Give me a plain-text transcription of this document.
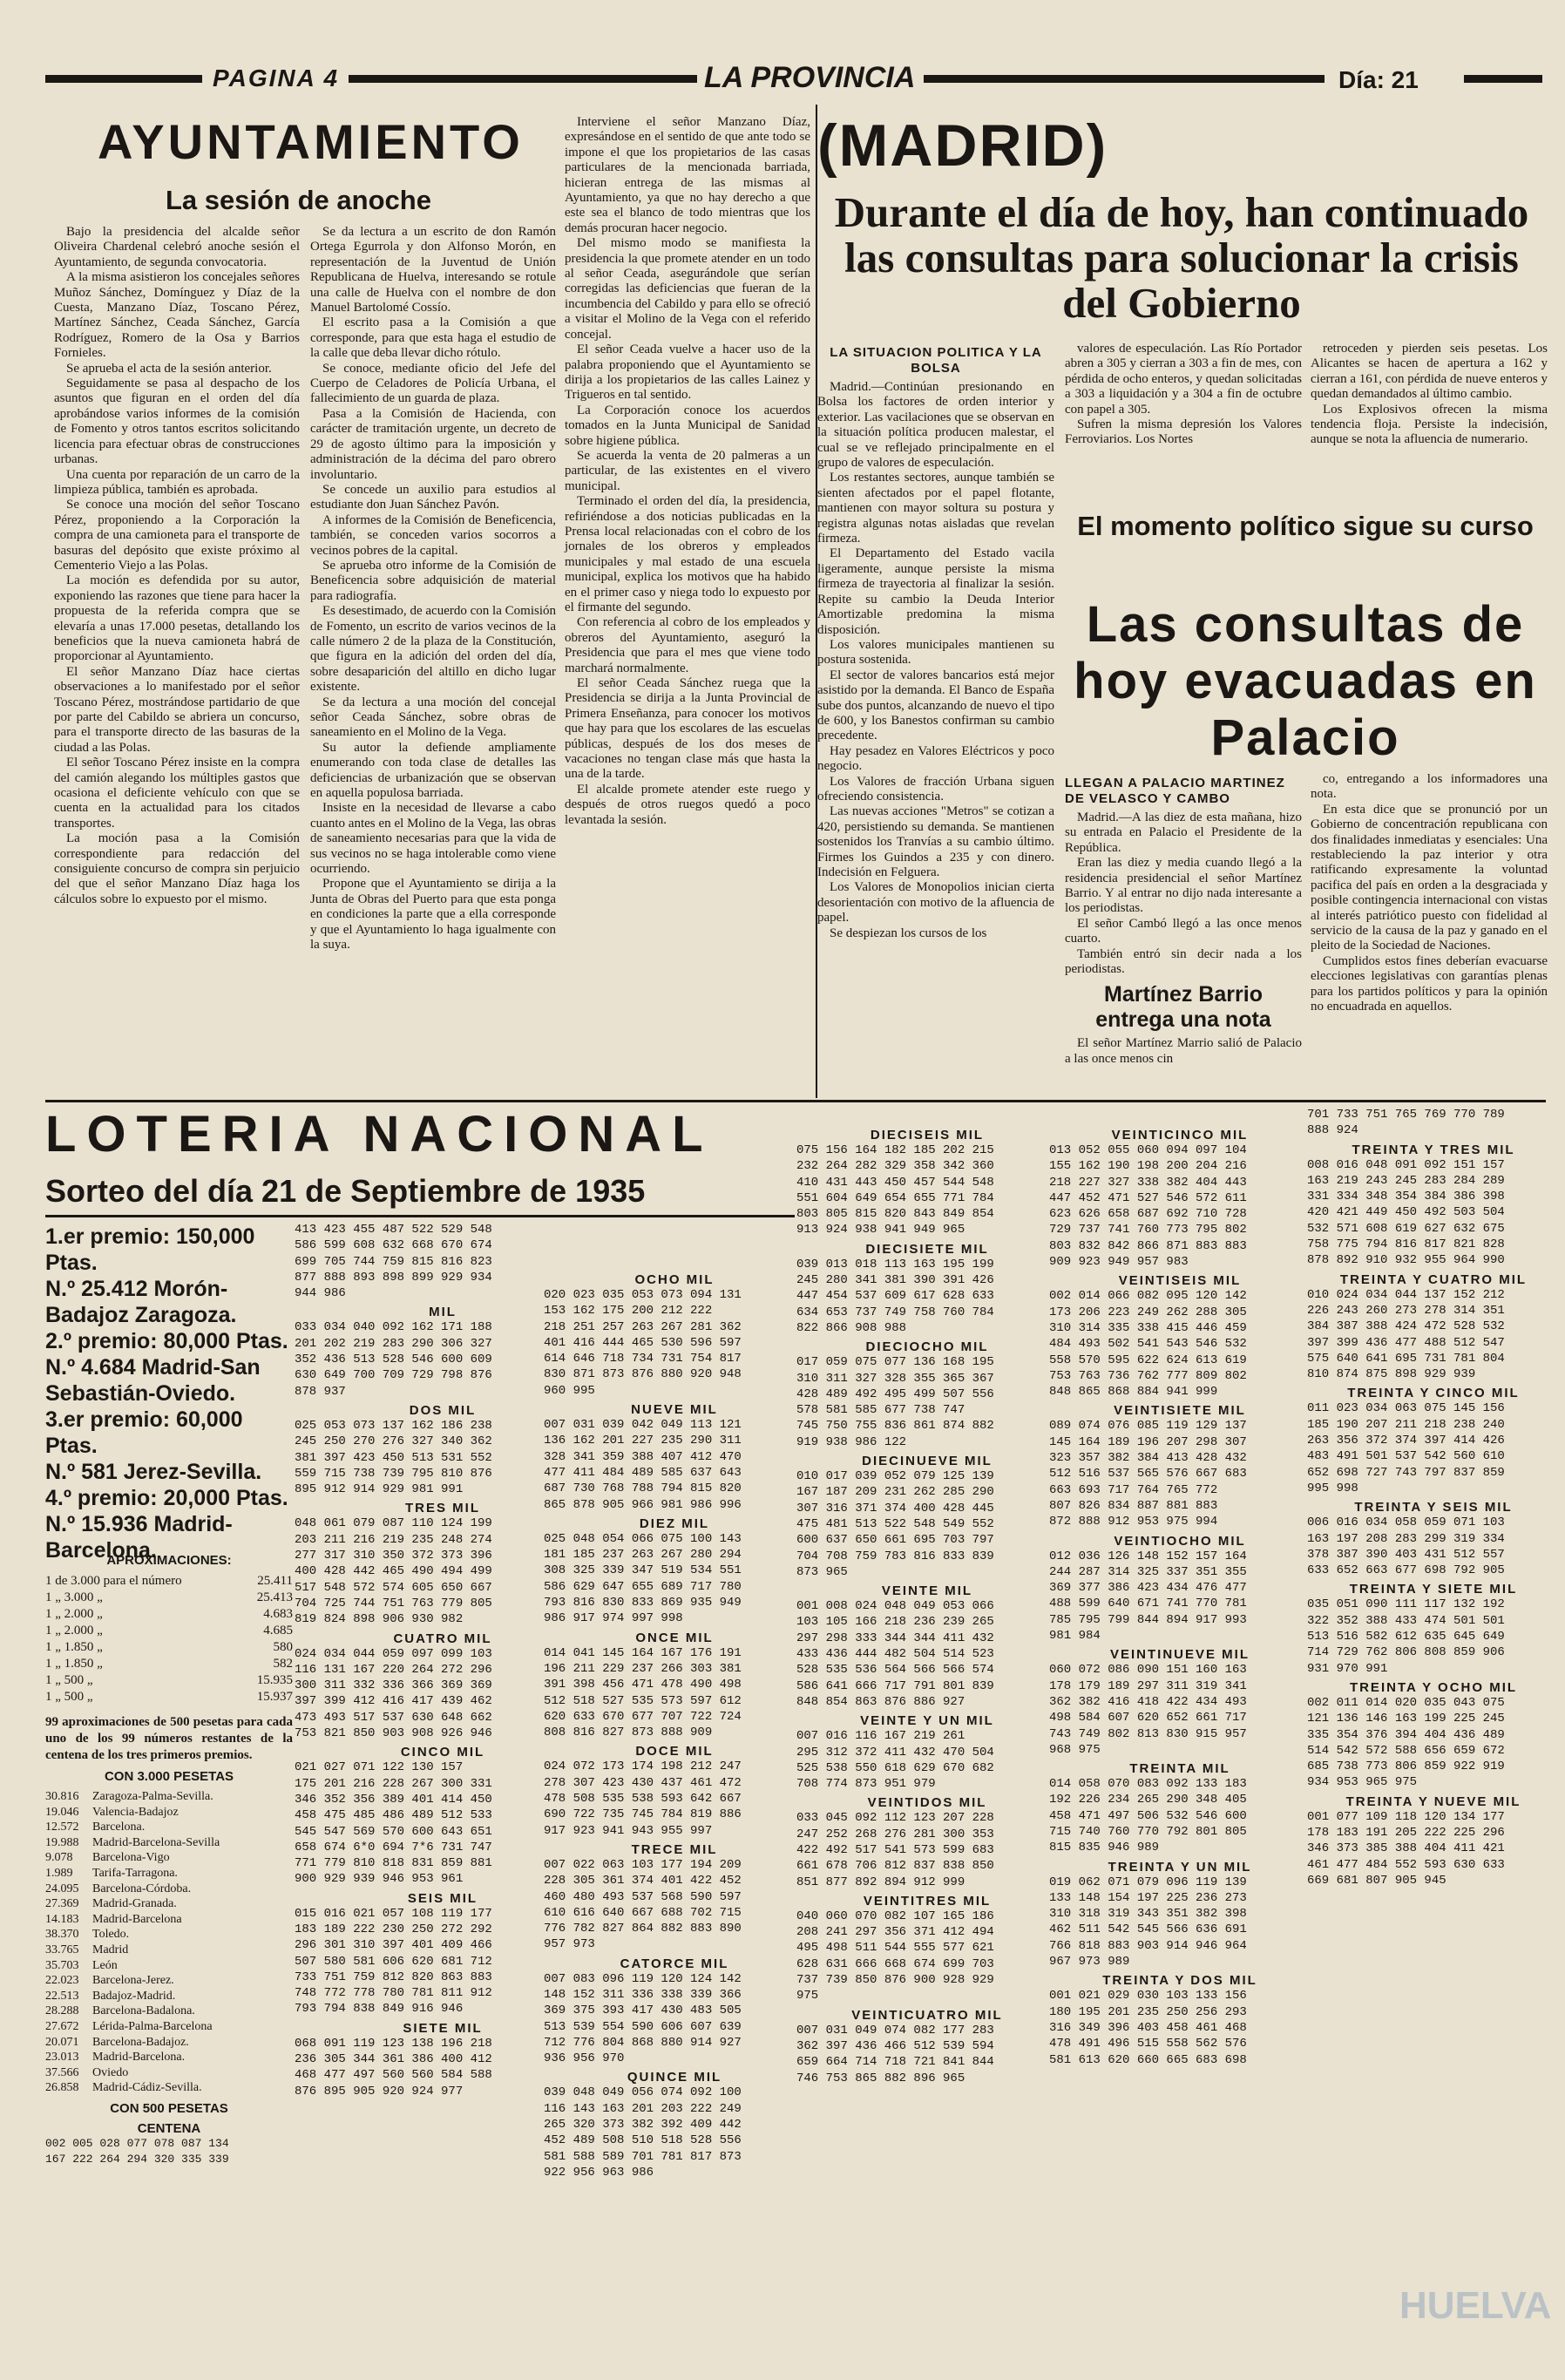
PAGINA 4	LA PROVINCIA	Día: 21
AYUNTAMIENTO
La sesión de anoche

Bajo la presidencia del alcalde señor Oliveira Chardenal celebró anoche sesión el Ayuntamiento, de segunda convocatoria.

A la misma asistieron los concejales señores Muñoz Sánchez, Domínguez y Díaz de la Cuesta, Manzano Díaz, Toscano Pérez, Martínez Sánchez, Ceada Sánchez, García Rodríguez, Romero de la Osa y Barrios Fornieles.

Se aprueba el acta de la sesión anterior.

Seguidamente se pasa al despacho de los asuntos que figuran en el orden del día aprobándose varios informes de la comisión de Fomento y otros tantos escritos solicitando licencia para efectuar obras de construcciones urbanas.

Una cuenta por reparación de un carro de la limpieza pública, también es aprobada.

Se conoce una moción del señor Toscano Pérez, proponiendo a la Corporación la compra de una camioneta para el transporte de basuras del depósito que existe próximo al Cementerio Viejo a las Polas.

La moción es defendida por su autor, exponiendo las razones que tiene para hacer la propuesta de la referida compra que se elevaría a unas 17.000 pesetas, detallando los beneficios que la nueva camioneta habrá de proporcionar al Ayuntamiento.

El señor Manzano Díaz hace ciertas observaciones a lo manifestado por el señor Toscano Pérez, mostrándose partidario de que por parte del Cabildo se abriera un concurso, para el transporte directo de las basuras de la ciudad a las Polas.

El señor Toscano Pérez insiste en la compra del camión alegando los múltiples gastos que ocasiona el deficiente vehículo con que se cuenta en la actualidad para los citados transportes.

La moción pasa a la Comisión correspondiente para redacción del consiguiente concurso de compra sin perjuicio del que el señor Manzano Díaz haga los cálculos sobre lo expuesto por el mismo.

Se da lectura a un escrito de don Ramón Ortega Egurrola y don Alfonso Morón, en representación de la Juventud de Unión Republicana de Huelva, interesando se rotule una calle de Huelva con el nombre de don Manuel Bartolomé Cossío.

El escrito pasa a la Comisión a que corresponde, para que esta haga el estudio de la calle que deba llevar dicho rótulo.

Se conoce, mediante oficio del Jefe del Cuerpo de Celadores de Policía Urbana, el fallecimiento de un guarda de plaza.

Pasa a la Comisión de Hacienda, con carácter de tramitación urgente, un decreto de 29 de agosto último para la imposición y administración de la décima del paro obrero involuntario.

Se concede un auxilio para estudios al estudiante don Juan Sánchez Pavón.

A informes de la Comisión de Beneficencia, también, se conceden varios socorros a vecinos pobres de la capital.

Se aprueba otro informe de la Comisión de Beneficencia sobre adquisición de material para radiografía.

Es desestimado, de acuerdo con la Comisión de Fomento, un escrito de varios vecinos de la calle número 2 de la plaza de la Constitución, que figura en la adición del orden del día, sobre desaparición del altillo en dicho lugar existente.

Se da lectura a una moción del concejal señor Ceada Sánchez, sobre obras de saneamiento en el Molino de la Vega.

Su autor la defiende ampliamente enumerando con toda clase de detalles las deficiencias de urbanización que se observan en aquella populosa barriada.

Insiste en la necesidad de llevarse a cabo cuanto antes en el Molino de la Vega, las obras de saneamiento necesarias para que la vida de sus vecinos no se haga intolerable como viene ocurriendo.

Propone que el Ayuntamiento se dirija a la Junta de Obras del Puerto para que esta ponga en condiciones la parte que a ella corresponde y que el Ayuntamiento lo haga igualmente con la suya.

Interviene el señor Manzano Díaz, expresándose en el sentido de que ante todo se impone el que los propietarios de las casas particulares de la mencionada barriada, hicieran entrega de las mismas al Ayuntamiento, ya que no hay derecho a que este sea el blanco de todo mientras que los demás procuran hacer negocio.

Del mismo modo se manifiesta la presidencia la que promete atender en un todo al señor Ceada, asegurándole que serían corregidas las deficiencias que fueran de la incumbencia del Cabildo y para ello se ofreció a visitar el Molino de la Vega con el referido concejal.

El señor Ceada vuelve a hacer uso de la palabra proponiendo que el Ayuntamiento se dirija a los propietarios de las calles Lainez y Trigueros en tal sentido.

La Corporación conoce los acuerdos tomados en la Junta Municipal de Sanidad sobre higiene pública.

Se acuerda la venta de 20 palmeras a un particular, de las existentes en el vivero municipal.

Terminado el orden del día, la presidencia, refiriéndose a dos noticias publicadas en la Prensa local relacionadas con el cobro de los jornales de los obreros y empleados municipales y mal estado de una escuela municipal, explica los motivos que ha habido en el primer caso y niega todo lo expuesto por el firmante del segundo.

Con referencia al cobro de los empleados y obreros del Ayuntamiento, aseguró la Presidencia que para el mes que viene todo marchará normalmente.

El señor Ceada Sánchez ruega que la Presidencia se dirija a la Junta Provincial de Primera Enseñanza, para conocer los motivos que hay para que los escolares de las escuelas públicas, después de los dos meses de vacaciones no tengan clase más que hasta la una de la tarde.

El alcalde promete atender este ruego y después de otros ruegos quedó a poco levantada la sesión.

(MADRID)
Durante el día de hoy, han continuado las consultas para solucionar la crisis del Gobierno
LA SITUACION POLITICA Y LA BOLSA

Madrid.—Continúan presionando en Bolsa los factores de orden interior y exterior. Las vacilaciones que se observan en la situación política producen malestar, el cual se ve reflejado principalmente en el grupo de valores de especulación.

Los restantes sectores, aunque también se sienten afectados por el papel flotante, mantienen con mayor soltura su postura y registra algunas notas aisladas que revelan firmeza.

El Departamento del Estado vacila ligeramente, aunque persiste la misma firmeza de trayectoria al finalizar la sesión. Repite su cambio la Deuda Interior Amortizable predomina la misma disposición.

Los valores municipales mantienen su postura sostenida.

El sector de valores bancarios está mejor asistido por la demanda. El Banco de España sube dos puntos, alcanzando de nuevo el tipo de 600, y los Banestos confirman su cambio precedente.

Hay pesadez en Valores Eléctricos y poco negocio.

Los Valores de fracción Urbana siguen ofreciendo consistencia.

Las nuevas acciones "Metros" se cotizan a 420, persistiendo su demanda. Se mantienen sostenidos los Tranvías a su cambio último. Firmes los Guindos a 235 y con dinero. Indecisión en Felguera.

Los Valores de Monopolios inician cierta desorientación con motivo de la afluencia de papel.

Se despiezan los cursos de los

valores de especulación. Las Río Portador abren a 305 y cierran a 303 a fin de mes, con pérdida de ocho enteros, y quedan solicitadas a 303 a liquidación y a 304 a fin de octubre con papel a 305.

Sufren la misma depresión los Valores Ferroviarios. Los Nortes

retroceden y pierden seis pesetas. Los Alicantes se hacen de apertura a 162 y cierran a 161, con pérdida de nueve enteros y quedan demandados al último cambio.

Los Explosivos ofrecen la misma tendencia floja. Persiste la indecisión, aunque se nota la afluencia de numerario.

El momento político sigue su curso
Las consultas de hoy evacuadas en Palacio
LLEGAN A PALACIO MARTINEZ DE VELASCO Y CAMBO

Madrid.—A las diez de esta mañana, hizo su entrada en Palacio el Presidente de la República.

Eran las diez y media cuando llegó a la residencia presidencial el señor Martínez Barrio. Y al entrar no dijo nada interesante a los periodistas.

El señor Cambó llegó a las once menos cuarto.

También entró sin decir nada a los periodistas.

Martínez Barrio entrega una nota

El señor Martínez Marrio salió de Palacio a las once menos cin

co, entregando a los informadores una nota.

En esta dice que se pronunció por un Gobierno de concentración republicana con dos finalidades inmediatas y esenciales: Una restableciendo la paz interior y otra ratificando expresamente la voluntad pacifica del país en orden a la desgraciada y posible contingencia internacional con vistas al interés patriótico puesto con fidelidad al servicio de la causa de la paz y ganado en el pleito de la Sociedad de Naciones.

Cumplidos estos fines deberían evacuarse elecciones legislativas con garantías plenas para los partidos políticos y para la opinión no encuadrada en aquellos.

LOTERIA NACIONAL
Sorteo del día 21 de Septiembre de 1935
1.er premio: 150,000 Ptas.
N.º 25.412 Morón-Badajoz Zaragoza.
2.º premio: 80,000 Ptas.
N.º 4.684 Madrid-San Sebastián-Oviedo.
3.er premio: 60,000 Ptas.
N.º 581 Jerez-Sevilla.
4.º premio: 20,000 Ptas.
N.º 15.936 Madrid-Barcelona.
APROXIMACIONES:
1 de 3.000 para el número	25.411
1 „ 3.000 „	25.413
1 „ 2.000 „	4.683
1 „ 2.000 „	4.685
1 „ 1.850 „	580
1 „ 1.850 „	582
1 „ 500 „	15.935
1 „ 500 „	15.937
99 aproximaciones de 500 pesetas para cada uno de los 99 números restantes de la centena de los tres primeros premios.
CON 3.000 PESETAS
30.816 Zaragoza-Palma-Sevilla.
19.046 Valencia-Badajoz
12.572 Barcelona.
19.988 Madrid-Barcelona-Sevilla
9.078 Barcelona-Vigo
1.989 Tarifa-Tarragona.
24.095 Barcelona-Córdoba.
27.369 Madrid-Granada.
14.183 Madrid-Barcelona
38.370 Toledo.
33.765 Madrid
35.703 León
22.023 Barcelona-Jerez.
22.513 Badajoz-Madrid.
28.288 Barcelona-Badalona.
27.672 Lérida-Palma-Barcelona
20.071 Barcelona-Badajoz.
23.013 Madrid-Barcelona.
37.566 Oviedo
26.858 Madrid-Cádiz-Sevilla.
CON 500 PESETAS
CENTENA
002 005 028 077 078 087 134
167 222 264 294 320 335 339
413 423 455 487 522 529 548
586 599 608 632 668 670 674
699 705 744 759 815 816 823
877 888 893 898 899 929 934
944 986
MIL
033 034 040 092 162 171 188
201 202 219 283 290 306 327
352 436 513 528 546 600 609
630 649 700 709 729 798 876
878 937
DOS MIL
025 053 073 137 162 186 238
245 250 270 276 327 340 362
381 397 423 450 513 531 552
559 715 738 739 795 810 876
895 912 914 929 981 991
TRES MIL
048 061 079 087 110 124 199
203 211 216 219 235 248 274
277 317 310 350 372 373 396
400 428 442 465 490 494 499
517 548 572 574 605 650 667
704 725 744 751 763 779 805
819 824 898 906 930 982
CUATRO MIL
024 034 044 059 097 099 103
116 131 167 220 264 272 296
300 311 332 336 366 369 369
397 399 412 416 417 439 462
473 493 517 537 630 648 662
753 821 850 903 908 926 946
CINCO MIL
021 027 071 122 130 157
175 201 216 228 267 300 331
346 352 356 389 401 414 450
458 475 485 486 489 512 533
545 547 569 570 600 643 651
658 674 6*0 694 7*6 731 747
771 779 810 818 831 859 881
900 929 939 946 953 961
SEIS MIL
015 016 021 057 108 119 177
183 189 222 230 250 272 292
296 301 310 397 401 409 466
507 580 581 606 620 681 712
733 751 759 812 820 863 883
748 772 778 780 781 811 912
793 794 838 849 916 946
SIETE MIL
068 091 119 123 138 196 218
236 305 344 361 386 400 412
468 477 497 560 560 584 588
876 895 905 920 924 977
OCHO MIL
020 023 035 053 073 094 131
153 162 175 200 212 222
218 251 257 263 267 281 362
401 416 444 465 530 596 597
614 646 718 734 731 754 817
830 871 873 876 880 920 948
960 995
NUEVE MIL
007 031 039 042 049 113 121
136 162 201 227 235 290 311
328 341 359 388 407 412 470
477 411 484 489 585 637 643
687 730 768 788 794 815 820
865 878 905 966 981 986 996
DIEZ MIL
025 048 054 066 075 100 143
181 185 237 263 267 280 294
308 325 339 347 519 534 551
586 629 647 655 689 717 780
793 816 830 833 869 935 949
986 917 974 997 998
ONCE MIL
014 041 145 164 167 176 191
196 211 229 237 266 303 381
391 398 456 471 478 490 498
512 518 527 535 573 597 612
620 633 670 677 707 722 724
808 816 827 873 888 909
DOCE MIL
024 072 173 174 198 212 247
278 307 423 430 437 461 472
478 508 535 538 593 642 667
690 722 735 745 784 819 886
917 923 941 943 955 997
TRECE MIL
007 022 063 103 177 194 209
228 305 361 374 401 422 452
460 480 493 537 568 590 597
610 616 640 667 688 702 715
776 782 827 864 882 883 890
957 973
CATORCE MIL
007 083 096 119 120 124 142
148 152 311 336 338 339 366
369 375 393 417 430 483 505
513 539 554 590 606 607 639
712 776 804 868 880 914 927
936 956 970
QUINCE MIL
039 048 049 056 074 092 100
116 143 163 201 203 222 249
265 320 373 382 392 409 442
452 489 508 510 518 528 556
581 588 589 701 781 817 873
922 956 963 986
DIECISEIS MIL
075 156 164 182 185 202 215
232 264 282 329 358 342 360
410 431 443 450 457 544 548
551 604 649 654 655 771 784
803 805 815 820 843 849 854
913 924 938 941 949 965
DIECISIETE MIL
039 013 018 113 163 195 199
245 280 341 381 390 391 426
447 454 537 609 617 628 633
634 653 737 749 758 760 784
822 866 908 988
DIECIOCHO MIL
017 059 075 077 136 168 195
310 311 327 328 355 365 367
428 489 492 495 499 507 556
578 581 585 677 738 747
745 750 755 836 861 874 882
919 938 986 122
DIECINUEVE MIL
010 017 039 052 079 125 139
167 187 209 231 262 285 290
307 316 371 374 400 428 445
475 481 513 522 548 549 552
600 637 650 661 695 703 797
704 708 759 783 816 833 839
873 965
VEINTE MIL
001 008 024 048 049 053 066
103 105 166 218 236 239 265
297 298 333 344 344 411 432
433 436 444 482 504 514 523
528 535 536 564 566 566 574
586 641 666 717 791 801 839
848 854 863 876 886 927
VEINTE Y UN MIL
007 016 116 167 219 261
295 312 372 411 432 470 504
525 538 550 618 629 670 682
708 774 873 951 979
VEINTIDOS MIL
033 045 092 112 123 207 228
247 252 268 276 281 300 353
422 492 517 541 573 599 683
661 678 706 812 837 838 850
851 877 892 894 912 999
VEINTITRES MIL
040 060 070 082 107 165 186
208 241 297 356 371 412 494
495 498 511 544 555 577 621
628 631 666 668 674 699 703
737 739 850 876 900 928 929
975
VEINTICUATRO MIL
007 031 049 074 082 177 283
362 397 436 466 512 539 594
659 664 714 718 721 841 844
746 753 865 882 896 965
VEINTICINCO MIL
013 052 055 060 094 097 104
155 162 190 198 200 204 216
218 227 327 338 382 404 443
447 452 471 527 546 572 611
623 626 658 687 692 710 728
729 737 741 760 773 795 802
803 832 842 866 871 883 883
909 923 949 957 983
VEINTISEIS MIL
002 014 066 082 095 120 142
173 206 223 249 262 288 305
310 314 335 338 415 446 459
484 493 502 541 543 546 532
558 570 595 622 624 613 619
753 763 736 762 777 809 802
848 865 868 884 941 999
VEINTISIETE MIL
089 074 076 085 119 129 137
145 164 189 196 207 298 307
323 357 382 384 413 428 432
512 516 537 565 576 667 683
663 693 717 764 765 772
807 826 834 887 881 883
872 888 912 953 975 994
VEINTIOCHO MIL
012 036 126 148 152 157 164
244 287 314 325 337 351 355
369 377 386 423 434 476 477
488 599 640 671 741 770 781
785 795 799 844 894 917 993
981 984
VEINTINUEVE MIL
060 072 086 090 151 160 163
178 179 189 297 311 319 341
362 382 416 418 422 434 493
498 584 607 620 652 661 717
743 749 802 813 830 915 957
968 975
TREINTA MIL
014 058 070 083 092 133 183
192 226 234 265 290 348 405
458 471 497 506 532 546 600
715 740 760 770 792 801 805
815 835 946 989
TREINTA Y UN MIL
019 062 071 079 096 119 139
133 148 154 197 225 236 273
310 318 319 343 351 382 398
462 511 542 545 566 636 691
766 818 883 903 914 946 964
967 973 989
TREINTA Y DOS MIL
001 021 029 030 103 133 156
180 195 201 235 250 256 293
316 349 396 403 458 461 468
478 491 496 515 558 562 576
581 613 620 660 665 683 698
701 733 751 765 769 770 789
888 924
TREINTA Y TRES MIL
008 016 048 091 092 151 157
163 219 243 245 283 284 289
331 334 348 354 384 386 398
420 421 449 450 492 503 504
532 571 608 619 627 632 675
758 775 794 816 817 821 828
878 892 910 932 955 964 990
TREINTA Y CUATRO MIL
010 024 034 044 137 152 212
226 243 260 273 278 314 351
384 387 388 424 472 528 532
397 399 436 477 488 512 547
575 640 641 695 731 781 804
810 874 875 898 929 939
TREINTA Y CINCO MIL
011 023 034 063 075 145 156
185 190 207 211 218 238 240
263 356 372 374 397 414 426
483 491 501 537 542 560 610
652 698 727 743 797 837 859
995 998
TREINTA Y SEIS MIL
006 016 034 058 059 071 103
163 197 208 283 299 319 334
378 387 390 403 431 512 557
633 652 663 677 698 792 905
TREINTA Y SIETE MIL
035 051 090 111 117 132 192
322 352 388 433 474 501 501
513 516 582 612 635 645 649
714 729 762 806 808 859 906
931 970 991
TREINTA Y OCHO MIL
002 011 014 020 035 043 075
121 136 146 163 199 225 245
335 354 376 394 404 436 489
514 542 572 588 656 659 672
685 738 773 806 859 922 919
934 953 965 975
TREINTA Y NUEVE MIL
001 077 109 118 120 134 177
178 183 191 205 222 225 296
346 373 385 388 404 411 421
461 477 484 552 593 630 633
669 681 807 905 945
HUELVA
